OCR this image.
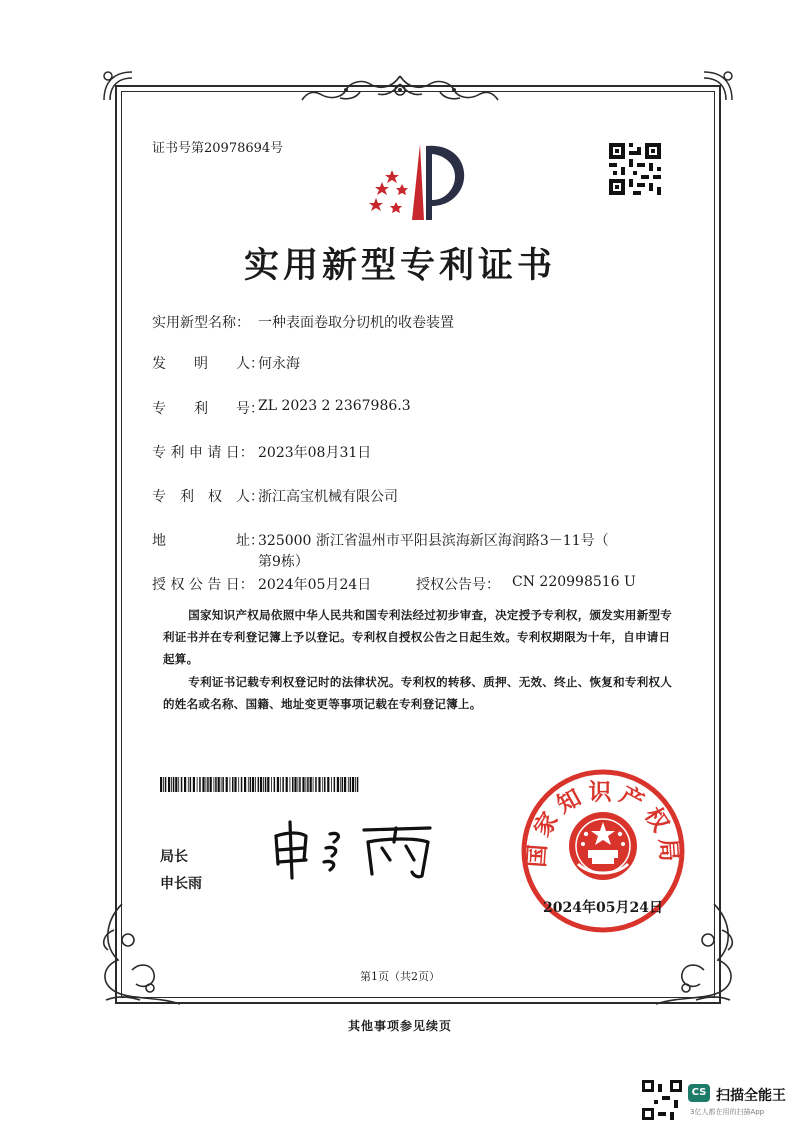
证书号第20978694号
实用新型专利证书
实用新型名称： 一种表面卷取分切机的收卷装置
发　　明　　人：
何永海
专　　利　　号：
ZL 2023 2 2367986.3
专 利 申 请 日： 2023年08月31日
专　利　权　人：
浙江高宝机械有限公司
地　　　　　址：
325000 浙江省温州市平阳县滨海新区海润路3－11号（
第9栋）
授 权 公 告 日： 2024年05月24日	授权公告号： CN 220998516 U
国家知识产权局依照中华人民共和国专利法经过初步审查，决定授予专利权，颁发实用新型专利证书并在专利登记簿上予以登记。专利权自授权公告之日起生效。专利权期限为十年，自申请日起算。
专利证书记载专利权登记时的法律状况。专利权的转移、质押、无效、终止、恢复和专利权人的姓名或名称、国籍、地址变更等事项记载在专利登记簿上。
局长
申长雨
国家知识产权局
2024年05月24日
第1页（共2页）
其他事项参见续页
CS 扫描全能王
3亿人都在用的扫描App
